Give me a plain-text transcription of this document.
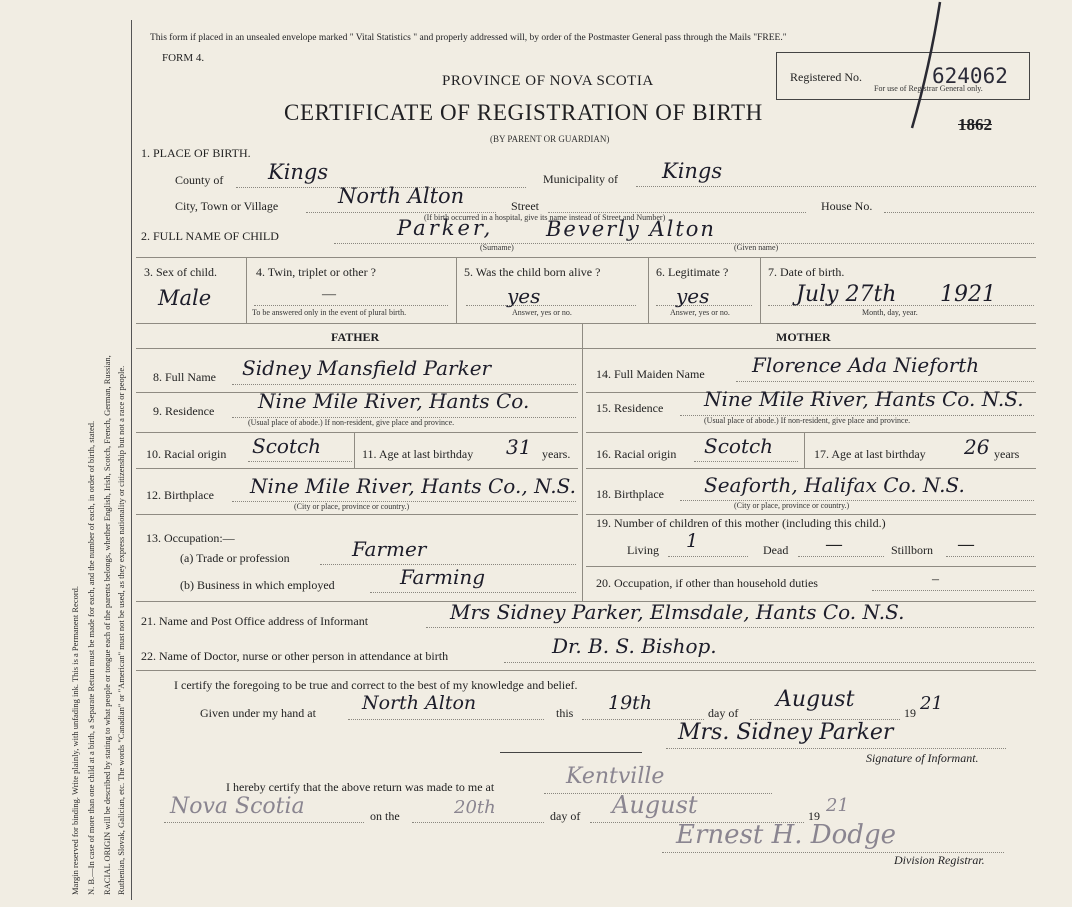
Margin reserved for binding. Write plainly, with unfading ink. This is a Permanent Record. N. B.—In case of more than one child at a birth, a Separate Return must be made for each, and the number of each, in order of birth, stated. RACIAL ORIGIN will be described by stating to what people or tongue each of the parents belongs, whether English, Irish, Scotch, French, German, Russian, Ruthenian, Slovak, Galician, etc. The words "Canadian" or "American" must not be used, as they express nationality or citizenship but not a race or people.
This form if placed in an unsealed envelope marked " Vital Statistics " and properly addressed will, by order of the Postmaster General pass through the Mails "FREE."
FORM 4.
PROVINCE OF NOVA SCOTIA
CERTIFICATE OF REGISTRATION OF BIRTH
(BY PARENT OR GUARDIAN)
Registered No.	624062
For use of Registrar General only.
1862
1. PLACE OF BIRTH.
County of Kings	Municipality of Kings
City, Town or Village	North Alton	Street	House No.
(If birth occurred in a hospital, give its name instead of Street and Number)
2. FULL NAME OF CHILD	Parker,	Beverly Alton
(Surname)	(Given name)
3. Sex of child.
Male
4. Twin, triplet or other ?
—
To be answered only in the event of plural birth.
5. Was the child born alive ?
yes
Answer, yes or no.
6. Legitimate ?
yes
Answer, yes or no.
7. Date of birth.
July 27th 1921
Month, day, year.
FATHER	MOTHER
8. Full Name Sidney Mansfield Parker
9. Residence Nine Mile River, Hants Co.
(Usual place of abode.) If non-resident, give place and province.
10. Racial origin Scotch	11. Age at last birthday 31 years.
12. Birthplace Nine Mile River, Hants Co., N.S.
(City or place, province or country.)
13. Occupation:—
(a) Trade or profession	Farmer
(b) Business in which employed	Farming
14. Full Maiden Name Florence Ada Nieforth
15. Residence Nine Mile River, Hants Co. N.S.
(Usual place of abode.) If non-resident, give place and province.
16. Racial origin Scotch	17. Age at last birthday 26 years
18. Birthplace Seaforth, Halifax Co. N.S.
(City or place, province or country.)
19. Number of children of this mother (including this child.)
Living 1	Dead —	Stillborn —
20. Occupation, if other than household duties	–
21. Name and Post Office address of Informant	Mrs Sidney Parker, Elmsdale, Hants Co. N.S.
22. Name of Doctor, nurse or other person in attendance at birth	Dr. B. S. Bishop.
I certify the foregoing to be true and correct to the best of my knowledge and belief.
Given under my hand at North Alton	this 19th	day of
August
19 21
Mrs. Sidney Parker
Signature of Informant.
I hereby certify that the above return was made to me at	Kentville
Nova Scotia	on the	20th	day of August	19 21
Ernest H. Dodge
Division Registrar.
